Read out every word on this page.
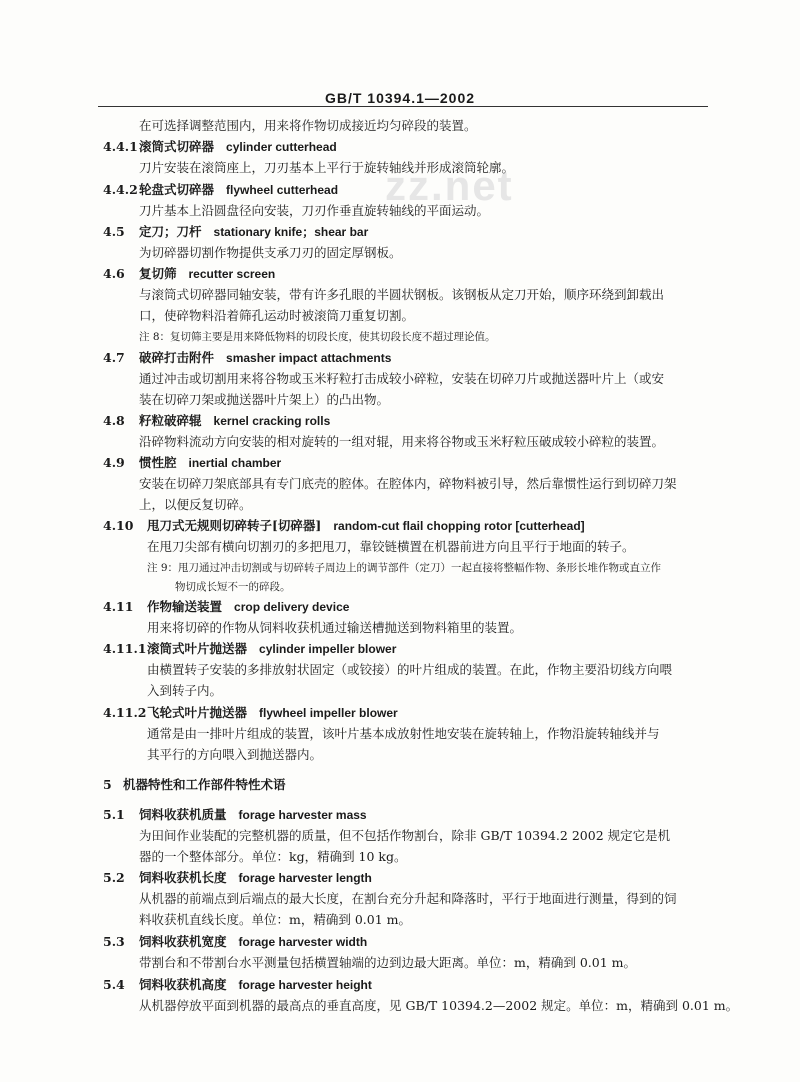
GB/T 10394.1—2002
zz.net
在可选择调整范围内，用来将作物切成接近均匀碎段的装置。
4.4.1 滚筒式切碎器 cylinder cutterhead
刀片安装在滚筒座上，刀刃基本上平行于旋转轴线并形成滚筒轮廓。
4.4.2 轮盘式切碎器 flywheel cutterhead
刀片基本上沿圆盘径向安装，刀刃作垂直旋转轴线的平面运动。
4.5 定刀；刀杆 stationary knife；shear bar
为切碎器切割作物提供支承刀刃的固定厚钢板。
4.6 复切筛 recutter screen
与滚筒式切碎器同轴安装，带有许多孔眼的半圆状钢板。该钢板从定刀开始，顺序环绕到卸载出
口，使碎物料沿着筛孔运动时被滚筒刀重复切割。
注 8：复切筛主要是用来降低物料的切段长度，使其切段长度不超过理论值。
4.7 破碎打击附件 smasher impact attachments
通过冲击或切割用来将谷物或玉米籽粒打击成较小碎粒，安装在切碎刀片或抛送器叶片上（或安
装在切碎刀架或抛送器叶片架上）的凸出物。
4.8 籽粒破碎辊 kernel cracking rolls
沿碎物料流动方向安装的相对旋转的一组对辊，用来将谷物或玉米籽粒压破成较小碎粒的装置。
4.9 惯性腔 inertial chamber
安装在切碎刀架底部具有专门底壳的腔体。在腔体内，碎物料被引导，然后靠惯性运行到切碎刀架
上，以便反复切碎。
4.10 甩刀式无规则切碎转子[切碎器] random-cut flail chopping rotor [cutterhead]
在甩刀尖部有横向切割刃的多把甩刀，靠铰链横置在机器前进方向且平行于地面的转子。
注 9：甩刀通过冲击切割或与切碎转子周边上的调节部件（定刀）一起直接将整幅作物、条形长堆作物或直立作
物切成长短不一的碎段。
4.11 作物输送装置 crop delivery device
用来将切碎的作物从饲料收获机通过输送槽抛送到物料箱里的装置。
4.11.1 滚筒式叶片抛送器 cylinder impeller blower
由横置转子安装的多排放射状固定（或铰接）的叶片组成的装置。在此，作物主要沿切线方向喂
入到转子内。
4.11.2 飞轮式叶片抛送器 flywheel impeller blower
通常是由一排叶片组成的装置，该叶片基本成放射性地安装在旋转轴上，作物沿旋转轴线并与
其平行的方向喂入到抛送器内。
5 机器特性和工作部件特性术语
5.1 饲料收获机质量 forage harvester mass
为田间作业装配的完整机器的质量，但不包括作物割台，除非 GB/T 10394.2 2002 规定它是机
器的一个整体部分。单位：kg，精确到 10 kg。
5.2 饲料收获机长度 forage harvester length
从机器的前端点到后端点的最大长度，在割台充分升起和降落时，平行于地面进行测量，得到的饲
料收获机直线长度。单位：m，精确到 0.01 m。
5.3 饲料收获机宽度 forage harvester width
带割台和不带割台水平测量包括横置轴端的边到边最大距离。单位：m，精确到 0.01 m。
5.4 饲料收获机高度 forage harvester height
从机器停放平面到机器的最高点的垂直高度，见 GB/T 10394.2—2002 规定。单位：m，精确到 0.01 m。
